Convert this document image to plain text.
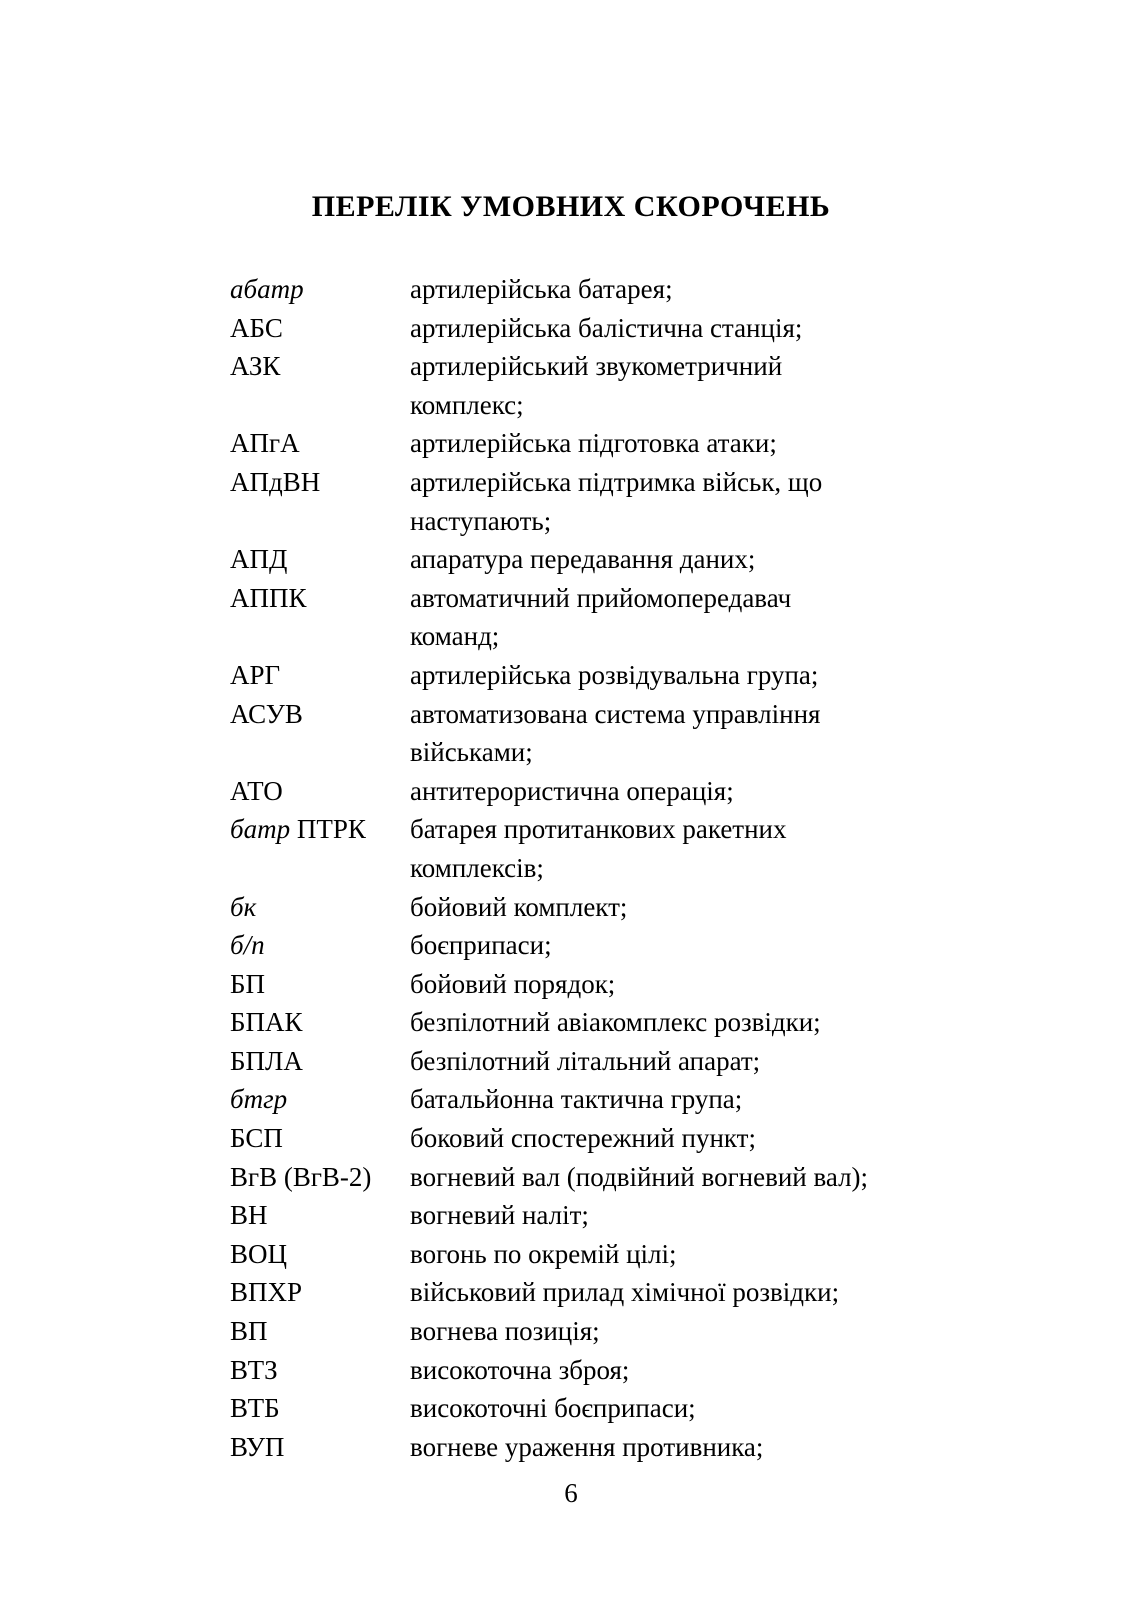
ПЕРЕЛІК УМОВНИХ СКОРОЧЕНЬ
абатр	артилерійська батарея;
АБС	артилерійська балістична станція;
АЗК	артилерійський звукометричний
комплекс;
АПгА	артилерійська підготовка атаки;
АПдВН	артилерійська підтримка військ, що
наступають;
АПД	апаратура передавання даних;
АППК	автоматичний прийомопередавач
команд;
АРГ	артилерійська розвідувальна група;
АСУВ	автоматизована система управління
військами;
АТО	антитерористична операція;
батр ПТРК	батарея протитанкових ракетних
комплексів;
бк	бойовий комплект;
б/п	боєприпаси;
БП	бойовий порядок;
БПАК	безпілотний авіакомплекс розвідки;
БПЛА	безпілотний літальний апарат;
бтгр	батальйонна тактична група;
БСП	боковий спостережний пункт;
ВгВ (ВгВ-2)	вогневий вал (подвійний вогневий вал);
ВН	вогневий наліт;
ВОЦ	вогонь по окремій цілі;
ВПХР	військовий прилад хімічної розвідки;
ВП	вогнева позиція;
ВТЗ	високоточна зброя;
ВТБ	високоточні боєприпаси;
ВУП	вогневе ураження противника;
6
